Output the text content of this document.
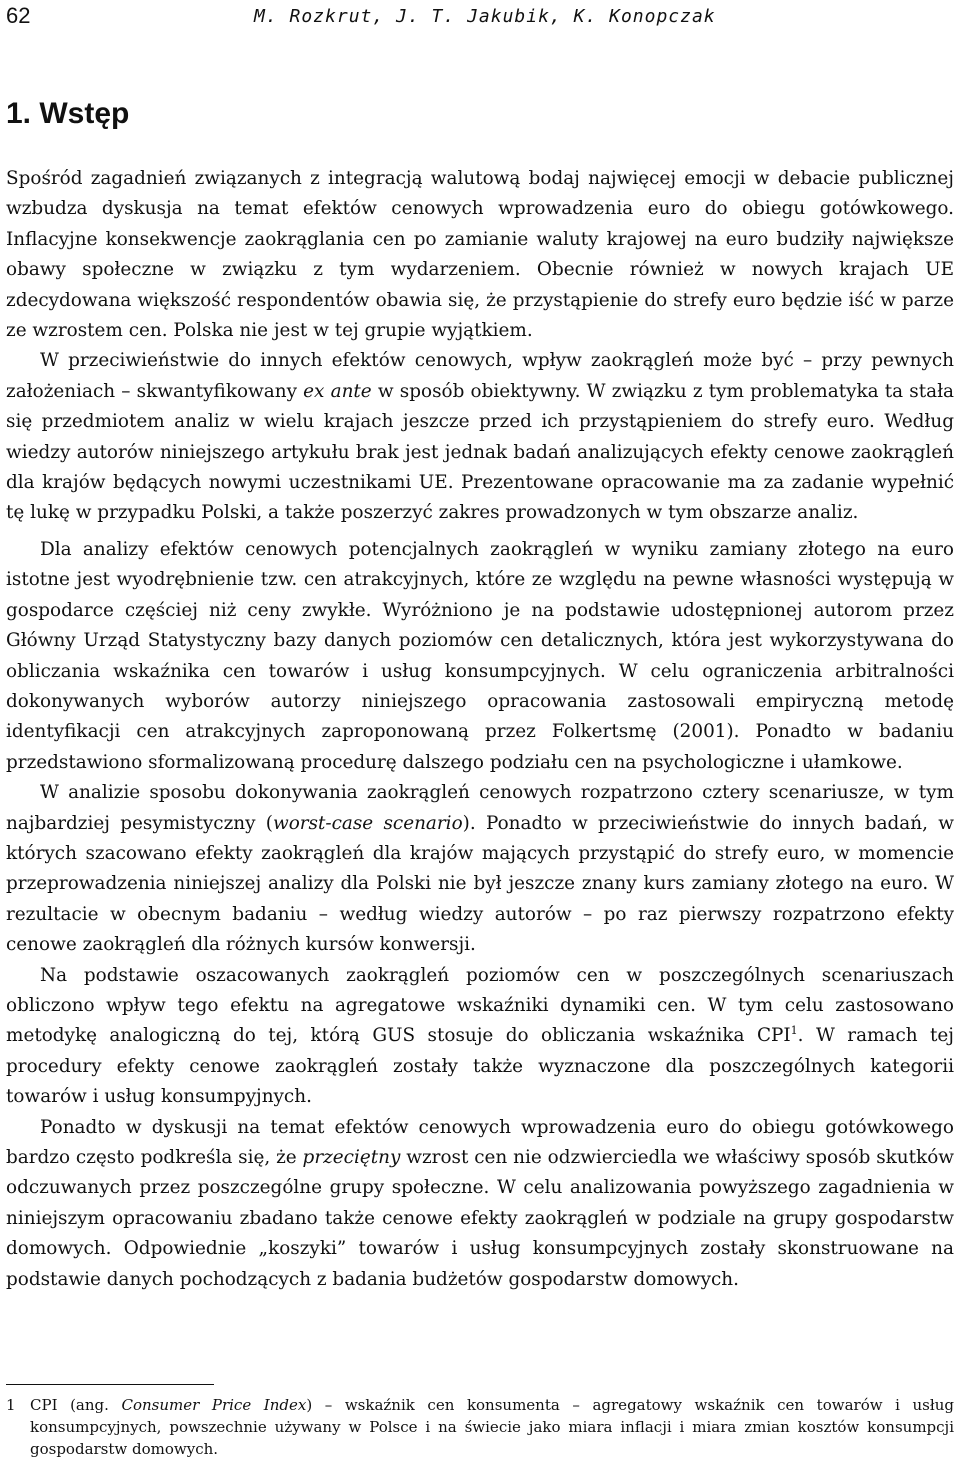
62	M. Rozkrut, J. T. Jakubik, K. Konopczak
1. Wstęp

Spośród zagadnień związanych z integracją walutową bodaj najwięcej emocji w debacie publicznej wzbudza dyskusja na temat efektów cenowych wprowadzenia euro do obiegu gotówkowego. Inflacyjne konsekwencje zaokrąglania cen po zamianie waluty krajowej na euro budziły największe obawy społeczne w związku z tym wydarzeniem. Obecnie również w nowych krajach UE zdecydowana większość respondentów obawia się, że przystąpienie do strefy euro będzie iść w parze ze wzrostem cen. Polska nie jest w tej grupie wyjątkiem.

W przeciwieństwie do innych efektów cenowych, wpływ zaokrągleń może być – przy pewnych założeniach – skwantyfikowany ex ante w sposób obiektywny. W związku z tym problematyka ta stała się przedmiotem analiz w wielu krajach jeszcze przed ich przystąpieniem do strefy euro. Według wiedzy autorów niniejszego artykułu brak jest jednak badań analizujących efekty cenowe zaokrągleń dla krajów będących nowymi uczestnikami UE. Prezentowane opracowanie ma za zadanie wypełnić tę lukę w przypadku Polski, a także poszerzyć zakres prowadzonych w tym obszarze analiz.

Dla analizy efektów cenowych potencjalnych zaokrągleń w wyniku zamiany złotego na euro istotne jest wyodrębnienie tzw. cen atrakcyjnych, które ze względu na pewne własności występują w gospodarce częściej niż ceny zwykłe. Wyróżniono je na podstawie udostępnionej autorom przez Główny Urząd Statystyczny bazy danych poziomów cen detalicznych, która jest wykorzystywana do obliczania wskaźnika cen towarów i usług konsumpcyjnych. W celu ograniczenia arbitralności dokonywanych wyborów autorzy niniejszego opracowania zastosowali empiryczną metodę identyfikacji cen atrakcyjnych zaproponowaną przez Folkertsmę (2001). Ponadto w badaniu przedstawiono sformalizowaną procedurę dalszego podziału cen na psychologiczne i ułamkowe.

W analizie sposobu dokonywania zaokrągleń cenowych rozpatrzono cztery scenariusze, w tym najbardziej pesymistyczny (worst-case scenario). Ponadto w przeciwieństwie do innych badań, w których szacowano efekty zaokrągleń dla krajów mających przystąpić do strefy euro, w momencie przeprowadzenia niniejszej analizy dla Polski nie był jeszcze znany kurs zamiany złotego na euro. W rezultacie w obecnym badaniu – według wiedzy autorów – po raz pierwszy rozpatrzono efekty cenowe zaokrągleń dla różnych kursów konwersji.

Na podstawie oszacowanych zaokrągleń poziomów cen w poszczególnych scenariuszach obliczono wpływ tego efektu na agregatowe wskaźniki dynamiki cen. W tym celu zastosowano metodykę analogiczną do tej, którą GUS stosuje do obliczania wskaźnika CPI$^1$. W ramach tej procedury efekty cenowe zaokrągleń zostały także wyznaczone dla poszczególnych kategorii towarów i usług konsumpyjnych.

Ponadto w dyskusji na temat efektów cenowych wprowadzenia euro do obiegu gotówkowego bardzo często podkreśla się, że przeciętny wzrost cen nie odzwierciedla we właściwy sposób skutków odczuwanych przez poszczególne grupy społeczne. W celu analizowania powyższego zagadnienia w niniejszym opracowaniu zbadano także cenowe efekty zaokrągleń w podziale na grupy gospodarstw domowych. Odpowiednie „koszyki” towarów i usług konsumpcyjnych zostały skonstruowane na podstawie danych pochodzących z badania budżetów gospodarstw domowych.

1 CPI (ang. Consumer Price Index) – wskaźnik cen konsumenta – agregatowy wskaźnik cen towarów i usług konsumpcyjnych, powszechnie używany w Polsce i na świecie jako miara inflacji i miara zmian kosztów konsumpcji gospodarstw domowych.
